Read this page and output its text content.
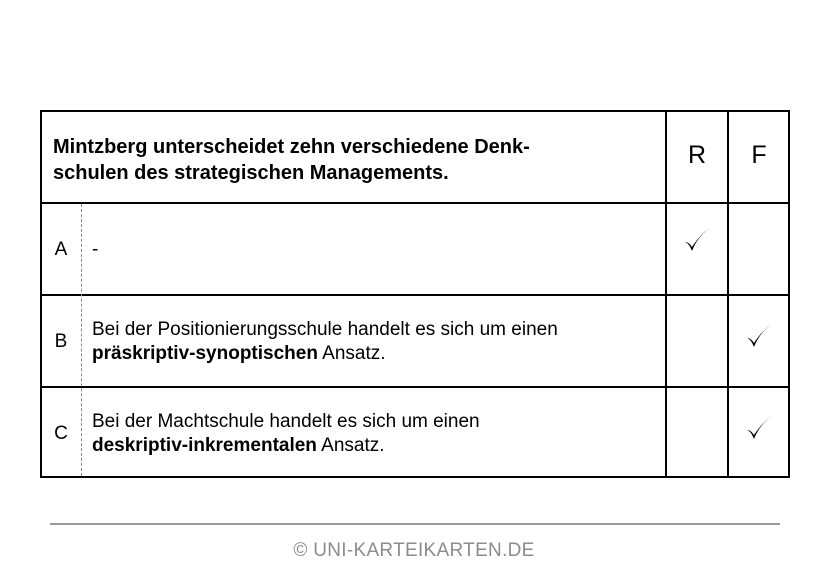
Mintzberg unterscheidet zehn verschiedene Denk-
schulen des strategischen Managements.
R	F
A	-
B
Bei der Positionierungsschule handelt es sich um einen
präskriptiv-synoptischen Ansatz.
C
Bei der Machtschule handelt es sich um einen
deskriptiv-inkrementalen Ansatz.
© UNI-KARTEIKARTEN.DE
